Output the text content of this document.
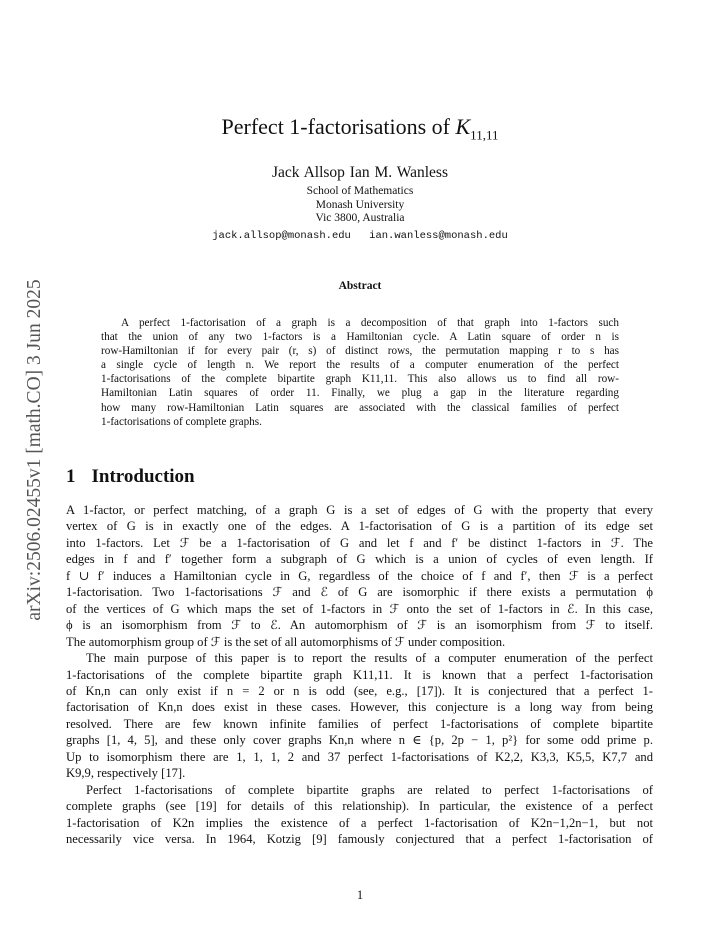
arXiv:2506.02455v1 [math.CO] 3 Jun 2025
Perfect 1-factorisations of $K_{11,11}$
Jack Allsop Ian M. Wanless
School of Mathematics
Monash University
Vic 3800, Australia
jack.allsop@monash.edu ian.wanless@monash.edu
Abstract
A perfect 1-factorisation of a graph is a decomposition of that graph into 1-factors such
that the union of any two 1-factors is a Hamiltonian cycle. A Latin square of order n is
row-Hamiltonian if for every pair (r, s) of distinct rows, the permutation mapping r to s has
a single cycle of length n. We report the results of a computer enumeration of the perfect
1-factorisations of the complete bipartite graph K11,11. This also allows us to find all row-
Hamiltonian Latin squares of order 11. Finally, we plug a gap in the literature regarding
how many row-Hamiltonian Latin squares are associated with the classical families of perfect
1-factorisations of complete graphs.
1 Introduction
A 1-factor, or perfect matching, of a graph G is a set of edges of G with the property that every
vertex of G is in exactly one of the edges. A 1-factorisation of G is a partition of its edge set
into 1-factors. Let ℱ be a 1-factorisation of G and let f and f′ be distinct 1-factors in ℱ. The
edges in f and f′ together form a subgraph of G which is a union of cycles of even length. If
f ∪ f′ induces a Hamiltonian cycle in G, regardless of the choice of f and f′, then ℱ is a perfect
1-factorisation. Two 1-factorisations ℱ and ℰ of G are isomorphic if there exists a permutation ϕ
of the vertices of G which maps the set of 1-factors in ℱ onto the set of 1-factors in ℰ. In this case,
ϕ is an isomorphism from ℱ to ℰ. An automorphism of ℱ is an isomorphism from ℱ to itself.
The automorphism group of ℱ is the set of all automorphisms of ℱ under composition.
The main purpose of this paper is to report the results of a computer enumeration of the perfect
1-factorisations of the complete bipartite graph K11,11. It is known that a perfect 1-factorisation
of Kn,n can only exist if n = 2 or n is odd (see, e.g., [17]). It is conjectured that a perfect 1-
factorisation of Kn,n does exist in these cases. However, this conjecture is a long way from being
resolved. There are few known infinite families of perfect 1-factorisations of complete bipartite
graphs [1, 4, 5], and these only cover graphs Kn,n where n ∈ {p, 2p − 1, p²} for some odd prime p.
Up to isomorphism there are 1, 1, 1, 2 and 37 perfect 1-factorisations of K2,2, K3,3, K5,5, K7,7 and
K9,9, respectively [17].
Perfect 1-factorisations of complete bipartite graphs are related to perfect 1-factorisations of
complete graphs (see [19] for details of this relationship). In particular, the existence of a perfect
1-factorisation of K2n implies the existence of a perfect 1-factorisation of K2n−1,2n−1, but not
necessarily vice versa. In 1964, Kotzig [9] famously conjectured that a perfect 1-factorisation of
1
